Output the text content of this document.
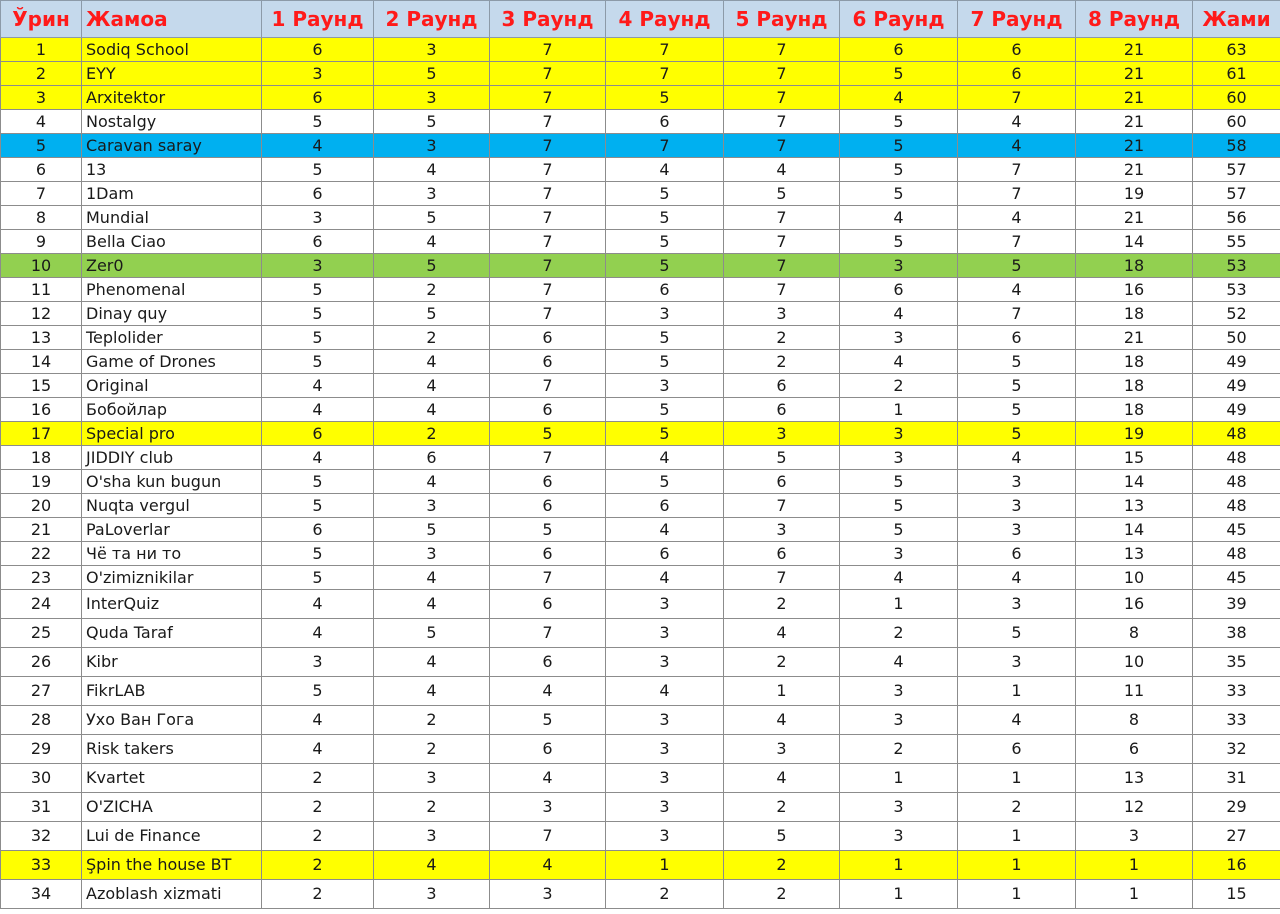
Ўрин	Жамоа	1 Раунд	2 Раунд	3 Раунд	4 Раунд	5 Раунд	6 Раунд	7 Раунд	8 Раунд	Жами
1	Sodiq School	6	3	7	7	7	6	6	21	63
2	EYY	3	5	7	7	7	5	6	21	61
3	Arxitektor	6	3	7	5	7	4	7	21	60
4	Nostalgy	5	5	7	6	7	5	4	21	60
5	Caravan saray	4	3	7	7	7	5	4	21	58
6	13	5	4	7	4	4	5	7	21	57
7	1Dam	6	3	7	5	5	5	7	19	57
8	Mundial	3	5	7	5	7	4	4	21	56
9	Bella Ciao	6	4	7	5	7	5	7	14	55
10	Zer0	3	5	7	5	7	3	5	18	53
11	Phenomenal	5	2	7	6	7	6	4	16	53
12	Dinay quy	5	5	7	3	3	4	7	18	52
13	Teplolider	5	2	6	5	2	3	6	21	50
14	Game of Drones	5	4	6	5	2	4	5	18	49
15	Original	4	4	7	3	6	2	5	18	49
16	Бобойлар	4	4	6	5	6	1	5	18	49
17	Special pro	6	2	5	5	3	3	5	19	48
18	JIDDIY club	4	6	7	4	5	3	4	15	48
19	O'sha kun bugun	5	4	6	5	6	5	3	14	48
20	Nuqta vergul	5	3	6	6	7	5	3	13	48
21	PaLoverlar	6	5	5	4	3	5	3	14	45
22	Чё та ни то	5	3	6	6	6	3	6	13	48
23	O'zimiznikilar	5	4	7	4	7	4	4	10	45
24	InterQuiz	4	4	6	3	2	1	3	16	39
25	Quda Taraf	4	5	7	3	4	2	5	8	38
26	Kibr	3	4	6	3	2	4	3	10	35
27	FikrLAB	5	4	4	4	1	3	1	11	33
28	Ухо Ван Гога	4	2	5	3	4	3	4	8	33
29	Risk takers	4	2	6	3	3	2	6	6	32
30	Kvartet	2	3	4	3	4	1	1	13	31
31	O'ZICHA	2	2	3	3	2	3	2	12	29
32	Lui de Finance	2	3	7	3	5	3	1	3	27
33	Şpin the house BT	2	4	4	1	2	1	1	1	16
34	Azoblash xizmati	2	3	3	2	2	1	1	1	15
